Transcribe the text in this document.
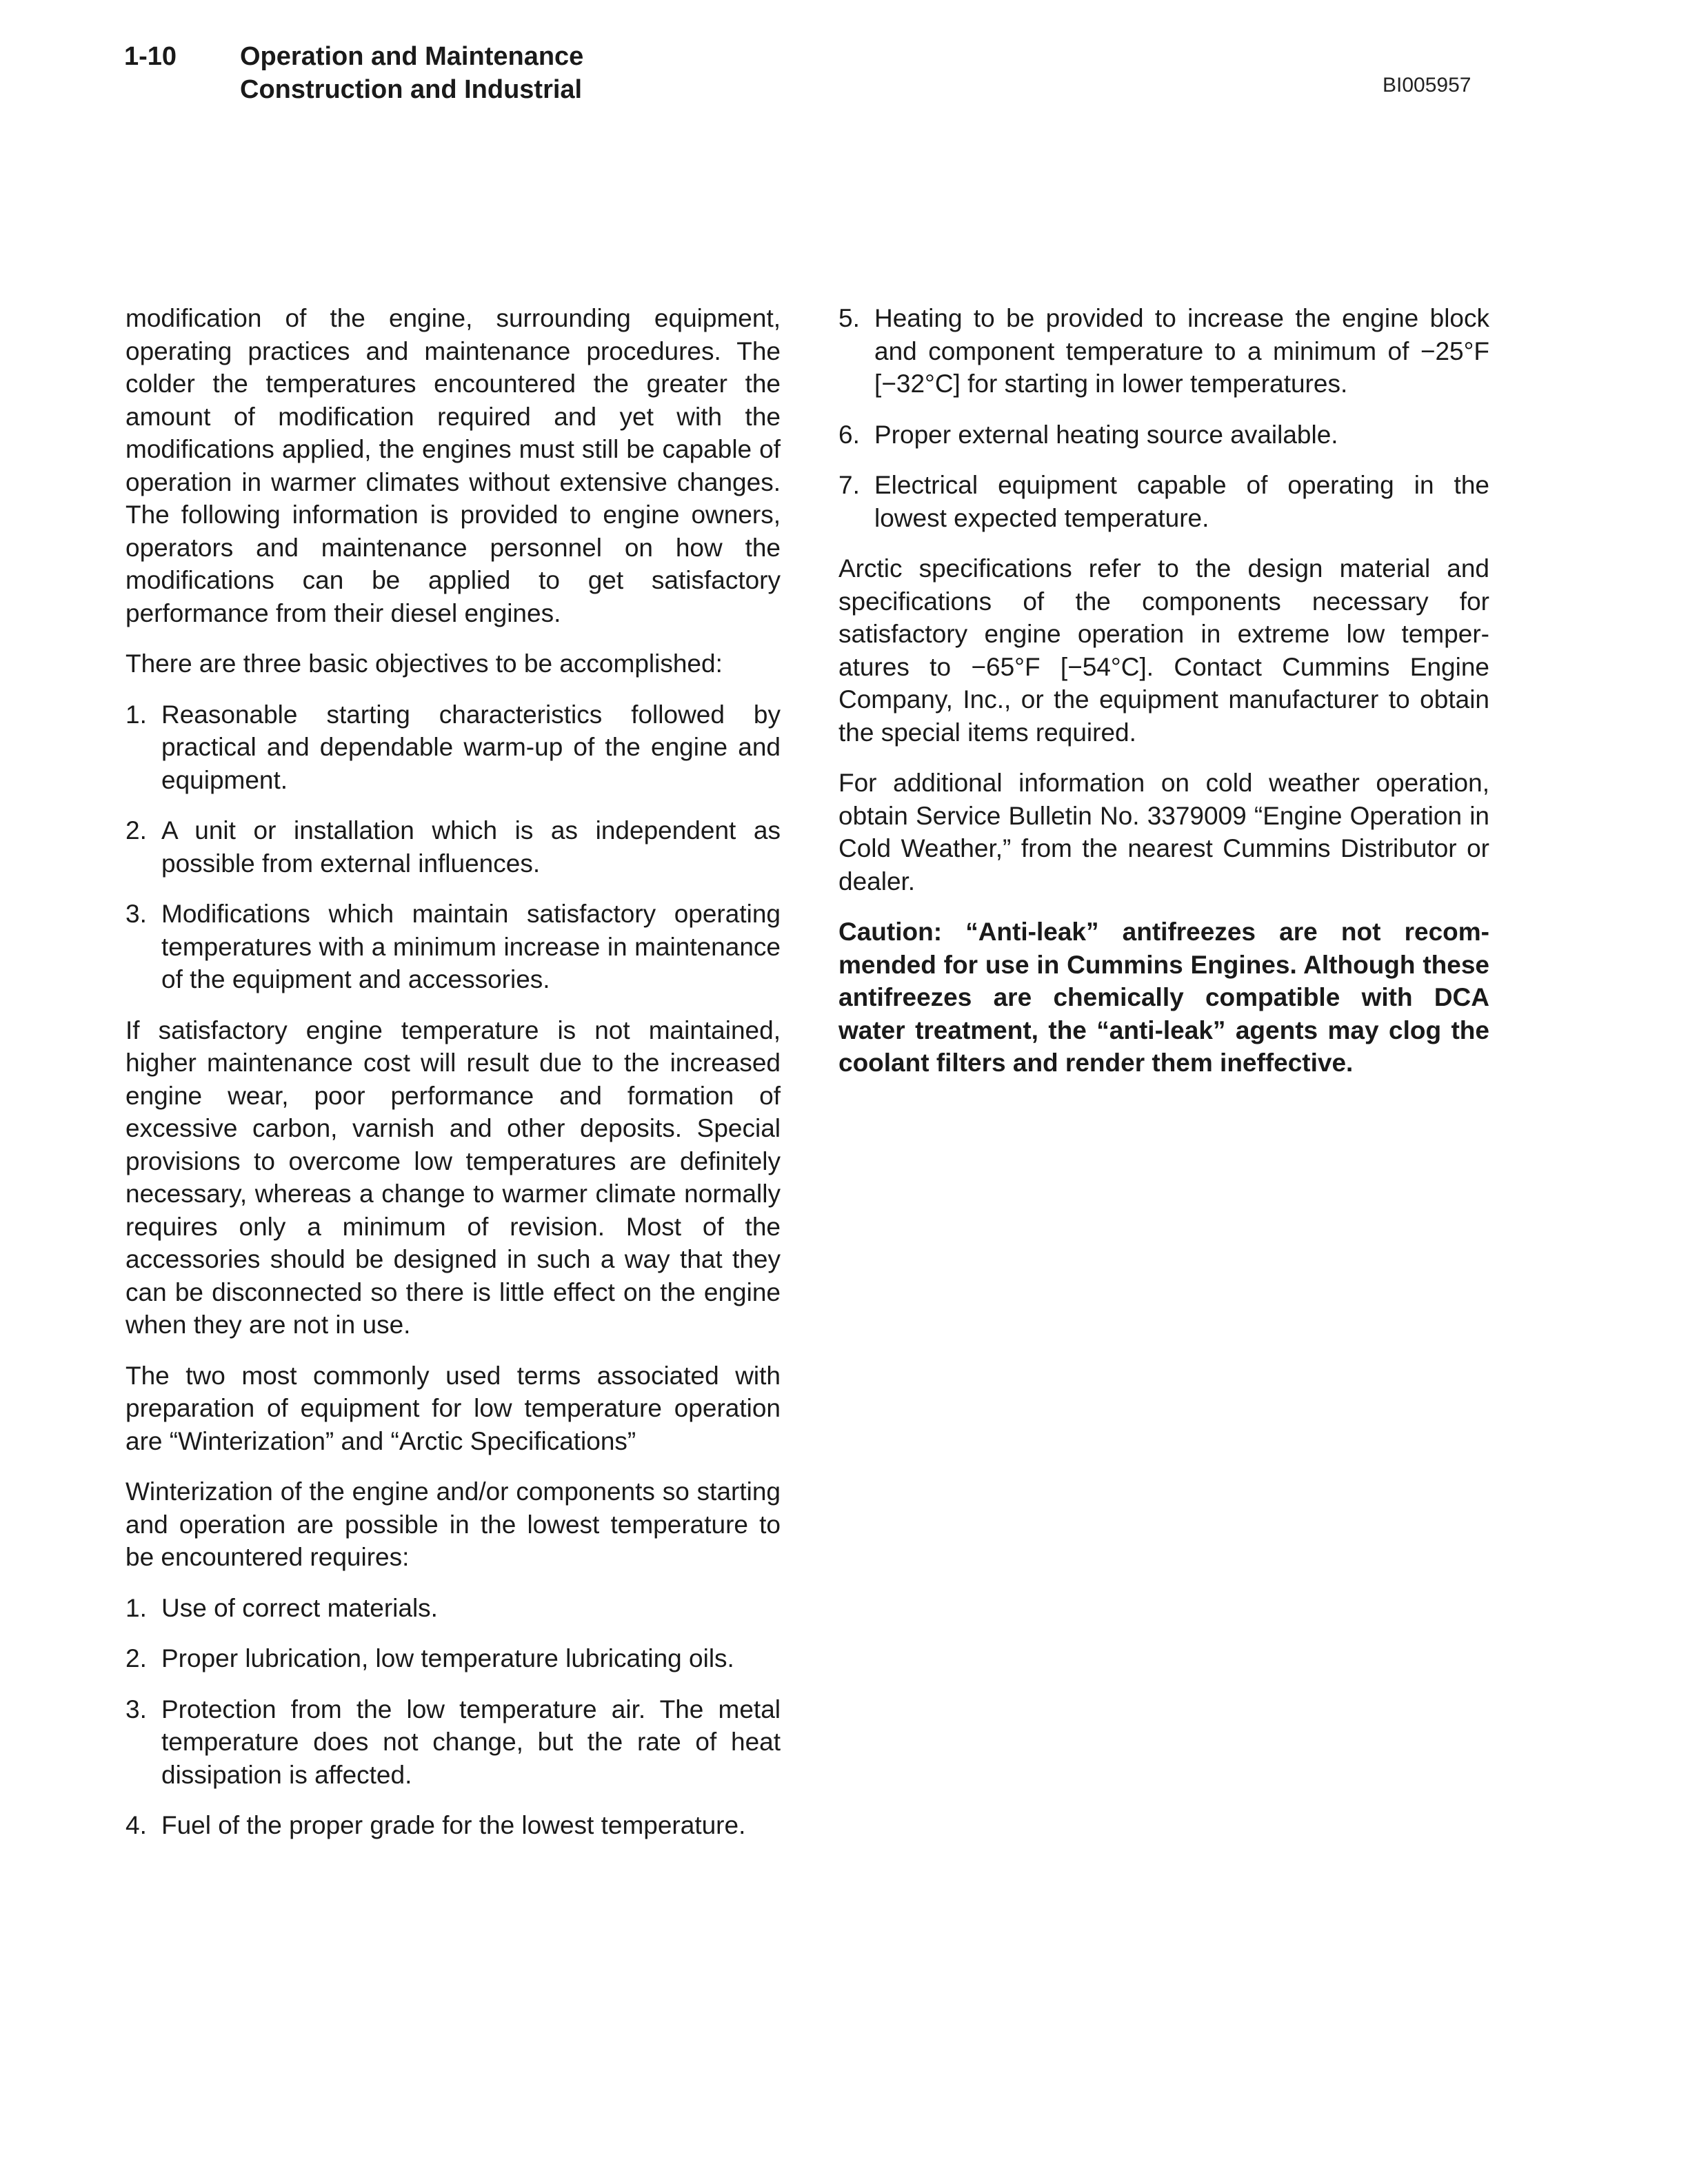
1-10 Operation and Maintenance
Construction and Industrial	BI005957

modification of the engine, surrounding equipment, operating practices and maintenance procedures. The colder the temperatures encountered the greater the amount of modification required and yet with the modifications applied, the engines must still be capable of operation in warmer climates without extensive changes. The following information is provided to engine owners, operators and maintenance personnel on how the modifications can be applied to get satisfactory performance from their diesel engines.

There are three basic objectives to be accomplished:

1. Reasonable starting characteristics followed by practical and dependable warm-up of the engine and equipment.
2. A unit or installation which is as independent as possible from external influences.
3. Modifications which maintain satisfactory operating temperatures with a minimum increase in maintenance of the equipment and accessories.

If satisfactory engine temperature is not maintained, higher maintenance cost will result due to the increased engine wear, poor performance and formation of excessive carbon, varnish and other deposits. Special provisions to overcome low temperatures are definitely necessary, whereas a change to warmer climate normally requires only a minimum of revision. Most of the accessories should be designed in such a way that they can be disconnected so there is little effect on the engine when they are not in use.

The two most commonly used terms associated with preparation of equipment for low temperature operation are “Winterization” and “Arctic Specifications”

Winterization of the engine and/or components so starting and operation are possible in the lowest temperature to be encountered requires:

1. Use of correct materials.
2. Proper lubrication, low temperature lubricating oils.
3. Protection from the low temperature air. The metal temperature does not change, but the rate of heat dissipation is affected.
4. Fuel of the proper grade for the lowest temperature.
5. Heating to be provided to increase the engine block and component temperature to a minimum of −25°F [−32°C] for starting in lower temperatures.
6. Proper external heating source available.
7. Electrical equipment capable of operating in the lowest expected temperature.

Arctic specifications refer to the design material and specifications of the components necessary for satisfactory engine operation in extreme low temperatures to −65°F [−54°C]. Contact Cummins Engine Company, Inc., or the equipment manufacturer to obtain the special items required.

For additional information on cold weather operation, obtain Service Bulletin No. 3379009 “Engine Operation in Cold Weather,” from the nearest Cummins Distributor or dealer.

Caution: “Anti-leak” antifreezes are not recommended for use in Cummins Engines. Although these antifreezes are chemically compatible with DCA water treatment, the “anti-leak” agents may clog the coolant filters and render them ineffective.
